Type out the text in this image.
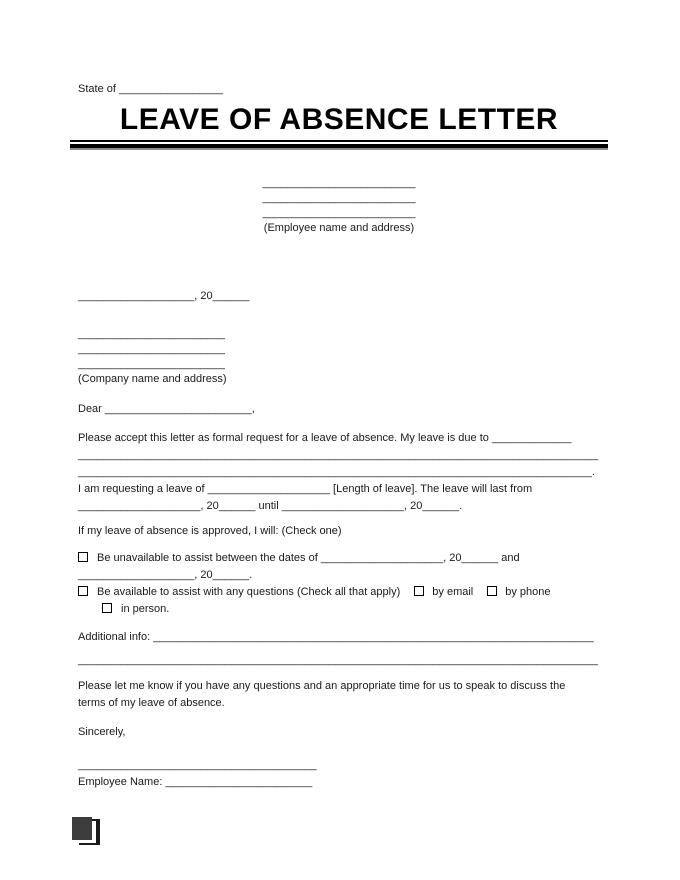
State of _________________
LEAVE OF ABSENCE LETTER
_________________________
_________________________
_________________________
(Employee name and address)
___________________, 20______
________________________
________________________
________________________
(Company name and address)
Dear ________________________,
Please accept this letter as formal request for a leave of absence. My leave is due to _____________
_____________________________________________________________________________________
____________________________________________________________________________________.
I am requesting a leave of ____________________ [Length of leave]. The leave will last from
____________________, 20______ until ____________________, 20______.
If my leave of absence is approved, I will: (Check one)
Be unavailable to assist between the dates of ____________________, 20______ and
___________________, 20______.
Be available to assist with any questions (Check all that apply)	by email	by phone
in person.
Additional info: ________________________________________________________________________
_____________________________________________________________________________________
Please let me know if you have any questions and an appropriate time for us to speak to discuss the
terms of my leave of absence.
Sincerely,
_______________________________________
Employee Name: ________________________
